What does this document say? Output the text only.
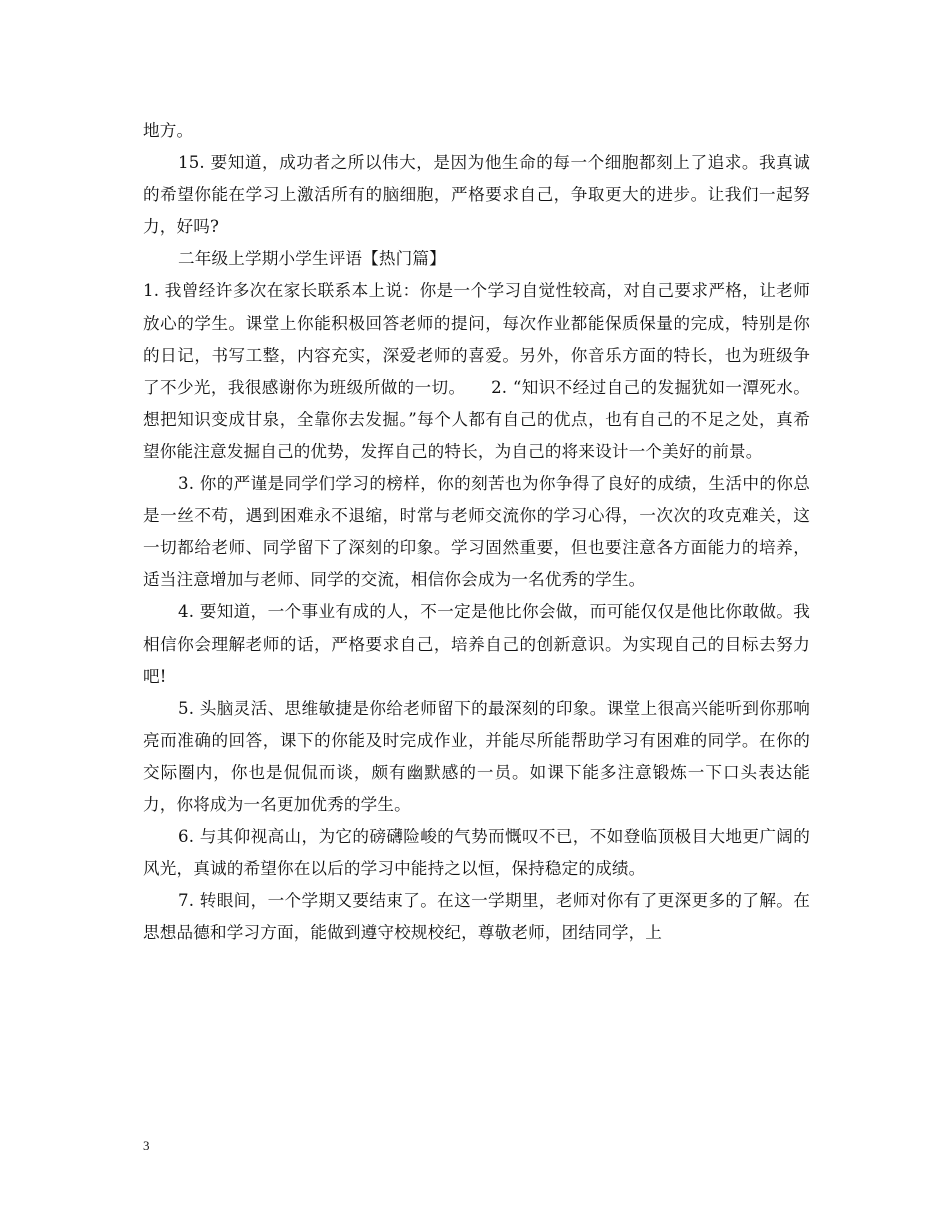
地方。

15. 要知道，成功者之所以伟大，是因为他生命的每一个细胞都刻上了追求。我真诚的希望你能在学习上激活所有的脑细胞，严格要求自己，争取更大的进步。让我们一起努力，好吗?

二年级上学期小学生评语【热门篇】

1. 我曾经许多次在家长联系本上说：你是一个学习自觉性较高，对自己要求严格，让老师放心的学生。课堂上你能积极回答老师的提问，每次作业都能保质保量的完成，特别是你的日记，书写工整，内容充实，深爱老师的喜爱。另外，你音乐方面的特长，也为班级争了不少光，我很感谢你为班级所做的一切。　　2. “知识不经过自己的发掘犹如一潭死水。想把知识变成甘泉，全靠你去发掘。”每个人都有自己的优点，也有自己的不足之处，真希望你能注意发掘自己的优势，发挥自己的特长，为自己的将来设计一个美好的前景。

3. 你的严谨是同学们学习的榜样，你的刻苦也为你争得了良好的成绩，生活中的你总是一丝不苟，遇到困难永不退缩，时常与老师交流你的学习心得，一次次的攻克难关，这一切都给老师、同学留下了深刻的印象。学习固然重要，但也要注意各方面能力的培养，适当注意增加与老师、同学的交流，相信你会成为一名优秀的学生。

4. 要知道，一个事业有成的人，不一定是他比你会做，而可能仅仅是他比你敢做。我相信你会理解老师的话，严格要求自己，培养自己的创新意识。为实现自己的目标去努力吧!

5. 头脑灵活、思维敏捷是你给老师留下的最深刻的印象。课堂上很高兴能听到你那响亮而准确的回答，课下的你能及时完成作业，并能尽所能帮助学习有困难的同学。在你的交际圈内，你也是侃侃而谈，颇有幽默感的一员。如课下能多注意锻炼一下口头表达能力，你将成为一名更加优秀的学生。

6. 与其仰视高山，为它的磅礴险峻的气势而慨叹不已，不如登临顶极目大地更广阔的风光，真诚的希望你在以后的学习中能持之以恒，保持稳定的成绩。

7. 转眼间，一个学期又要结束了。在这一学期里，老师对你有了更深更多的了解。在思想品德和学习方面，能做到遵守校规校纪，尊敬老师，团结同学，上

3
